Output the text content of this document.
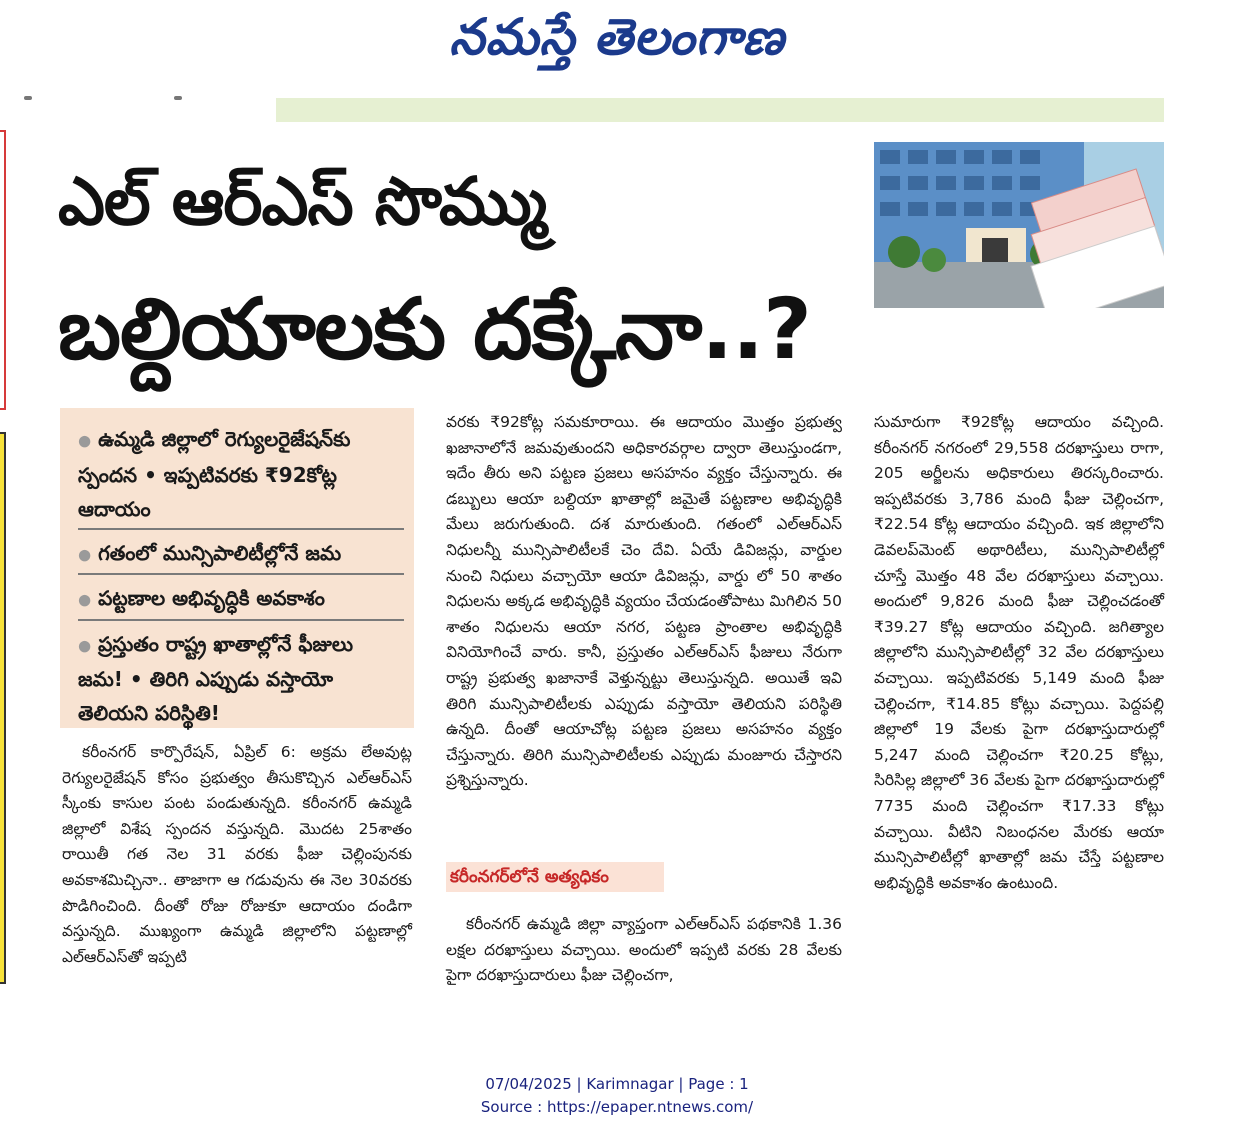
నమస్తే తెలంగాణ
ఎల్ ఆర్ఎస్ సొమ్ము
బల్దియాలకు దక్కేనా..?
● ఉమ్మడి జిల్లాలో రెగ్యులరైజేషన్‌కు స్పందన • ఇప్పటివరకు ₹92కోట్ల ఆదాయం
● గతంలో మున్సిపాలిటీల్లోనే జమ
● పట్టణాల అభివృద్ధికి అవకాశం
● ప్రస్తుతం రాష్ట్ర ఖాతాల్లోనే ఫీజులు జమ! • తిరిగి ఎప్పుడు వస్తాయో తెలియని పరిస్థితి!

కరీంనగర్ కార్పొరేషన్, ఏప్రిల్ 6: అక్రమ లేఅవుట్ల రెగ్యులరైజేషన్ కోసం ప్రభుత్వం తీసుకొచ్చిన ఎల్ఆర్ఎస్ స్కీంకు కాసుల పంట పండుతున్నది. కరీంనగర్ ఉమ్మడి జిల్లాలో విశేష స్పందన వస్తున్నది. మొదట 25శాతం రాయితీ గత నెల 31 వరకు ఫీజు చెల్లింపునకు అవకాశమిచ్చినా.. తాజాగా ఆ గడువును ఈ నెల 30వరకు పొడిగించింది. దీంతో రోజు రోజుకూ ఆదాయం దండిగా వస్తున్నది. ముఖ్యంగా ఉమ్మడి జిల్లాలోని పట్టణాల్లో ఎల్ఆర్ఎస్‌తో ఇప్పటి

వరకు ₹92కోట్ల సమకూరాయి. ఈ ఆదాయం మొత్తం ప్రభుత్వ ఖజానాలోనే జమవుతుందని అధికారవర్గాల ద్వారా తెలుస్తుండగా, ఇదేం తీరు అని పట్టణ ప్రజలు అసహనం వ్యక్తం చేస్తున్నారు. ఈ డబ్బులు ఆయా బల్దియా ఖాతాల్లో జమైతే పట్టణాల అభివృద్ధికి మేలు జరుగుతుంది. దశ మారుతుంది. గతంలో ఎల్ఆర్ఎస్ నిధులన్నీ మున్సిపాలిటీలకే చెం దేవి. ఏయే డివిజన్లు, వార్డుల నుంచి నిధులు వచ్చాయో ఆయా డివిజన్లు, వార్డు లో 50 శాతం నిధులను అక్కడ అభివృద్ధికి వ్యయం చేయడంతోపాటు మిగిలిన 50 శాతం నిధులను ఆయా నగర, పట్టణ ప్రాంతాల అభివృద్ధికి వినియోగించే వారు. కానీ, ప్రస్తుతం ఎల్ఆర్ఎస్ ఫీజులు నేరుగా రాష్ట్ర ప్రభుత్వ ఖజానాకే వెళ్తున్నట్టు తెలుస్తున్నది. అయితే ఇవి తిరిగి మున్సిపాలిటీలకు ఎప్పుడు వస్తాయో తెలియని పరిస్థితి ఉన్నది. దీంతో ఆయాచోట్ల పట్టణ ప్రజలు అసహనం వ్యక్తం చేస్తున్నారు. తిరిగి మున్సిపాలిటీలకు ఎప్పుడు మంజూరు చేస్తారని ప్రశ్నిస్తున్నారు.

కరీంనగర్‌లోనే అత్యధికం

కరీంనగర్ ఉమ్మడి జిల్లా వ్యాప్తంగా ఎల్ఆర్ఎస్ పథకానికి 1.36 లక్షల దరఖాస్తులు వచ్చాయి. అందులో ఇప్పటి వరకు 28 వేలకు పైగా దరఖాస్తుదారులు ఫీజు చెల్లించగా,

సుమారుగా ₹92కోట్ల ఆదాయం వచ్చింది. కరీంనగర్ నగరంలో 29,558 దరఖాస్తులు రాగా, 205 అర్జీలను అధికారులు తిరస్కరించారు. ఇప్పటివరకు 3,786 మంది ఫీజు చెల్లించగా, ₹22.54 కోట్ల ఆదాయం వచ్చింది. ఇక జిల్లాలోని డెవలప్‌మెంట్ అథారిటీలు, మున్సిపాలిటీల్లో చూస్తే మొత్తం 48 వేల దరఖాస్తులు వచ్చాయి. అందులో 9,826 మంది ఫీజు చెల్లించడంతో ₹39.27 కోట్ల ఆదాయం వచ్చింది. జగిత్యాల జిల్లాలోని మున్సిపాలిటీల్లో 32 వేల దరఖాస్తులు వచ్చాయి. ఇప్పటివరకు 5,149 మంది ఫీజు చెల్లించగా, ₹14.85 కోట్లు వచ్చాయి. పెద్దపల్లి జిల్లాలో 19 వేలకు పైగా దరఖాస్తుదారుల్లో 5,247 మంది చెల్లించగా ₹20.25 కోట్లు, సిరిసిల్ల జిల్లాలో 36 వేలకు పైగా దరఖాస్తుదారుల్లో 7735 మంది చెల్లించగా ₹17.33 కోట్లు వచ్చాయి. వీటిని నిబంధనల మేరకు ఆయా మున్సిపాలిటీల్లో ఖాతాల్లో జమ చేస్తే పట్టణాల అభివృద్ధికి అవకాశం ఉంటుంది.

07/04/2025 | Karimnagar | Page : 1
Source : https://epaper.ntnews.com/
